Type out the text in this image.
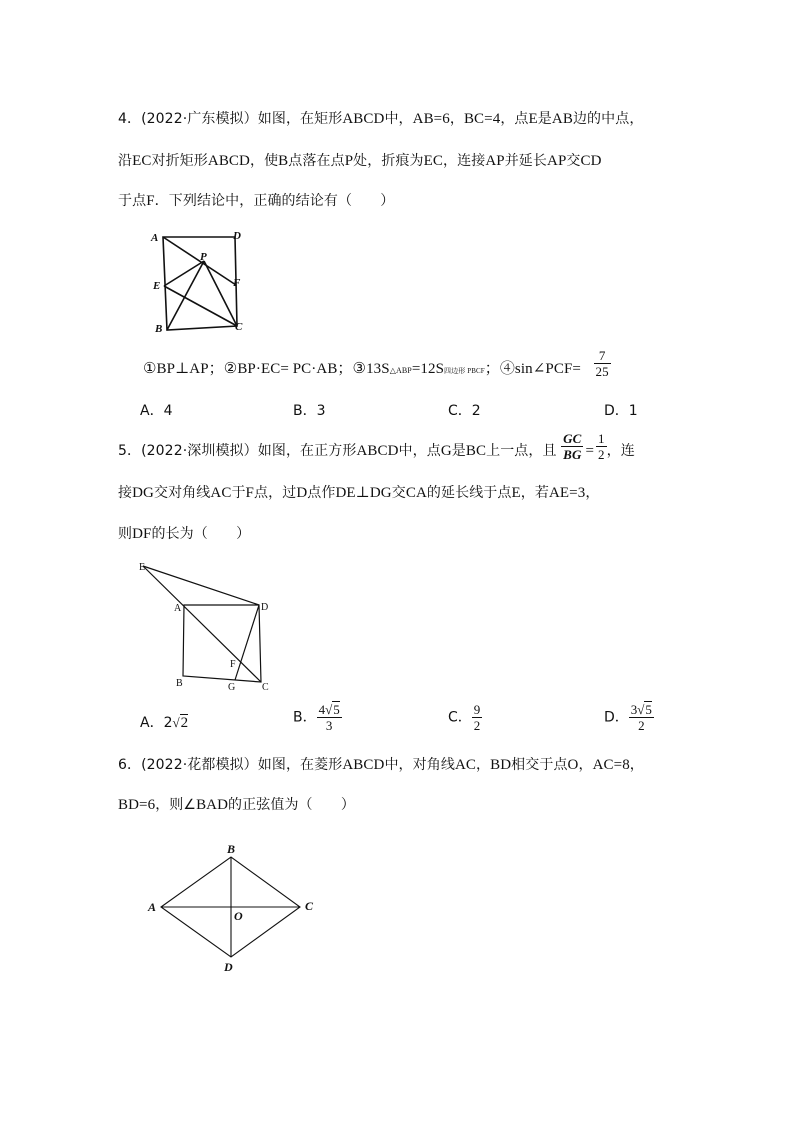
4．(2022·广东模拟）如图，在矩形ABCD中，AB=6，BC=4，点E是AB边的中点，
沿EC对折矩形ABCD，使B点落在点P处，折痕为EC，连接AP并延长AP交CD
于点F．下列结论中，正确的结论有（　　）
A	D
P
E	F
B	C
①BP⊥AP；②BP·EC= PC·AB；③13S△ABP=12S四边形 PBCF；④sin∠PCF= $\frac{7}{25}$
A．4	B．3	C．2	D．1
5．(2022·深圳模拟）如图，在正方形ABCD中，点G是BC上一点，且 $\frac{GC}{BG} = \frac{1}{2}$ ，连
接DG交对角线AC于F点，过D点作DE⊥DG交CA的延长线于点E，若AE=3，
则DF的长为（　　）
E
A	D
F
B	G	C
A．2√2	B． $\frac{4√5}{3}$	C． $\frac{9}{2}$	D． $\frac{3√5}{2}$
6．(2022·花都模拟）如图，在菱形ABCD中，对角线AC，BD相交于点O，AC=8，
BD=6，则∠BAD的正弦值为（　　）
A
B
C
D
O
